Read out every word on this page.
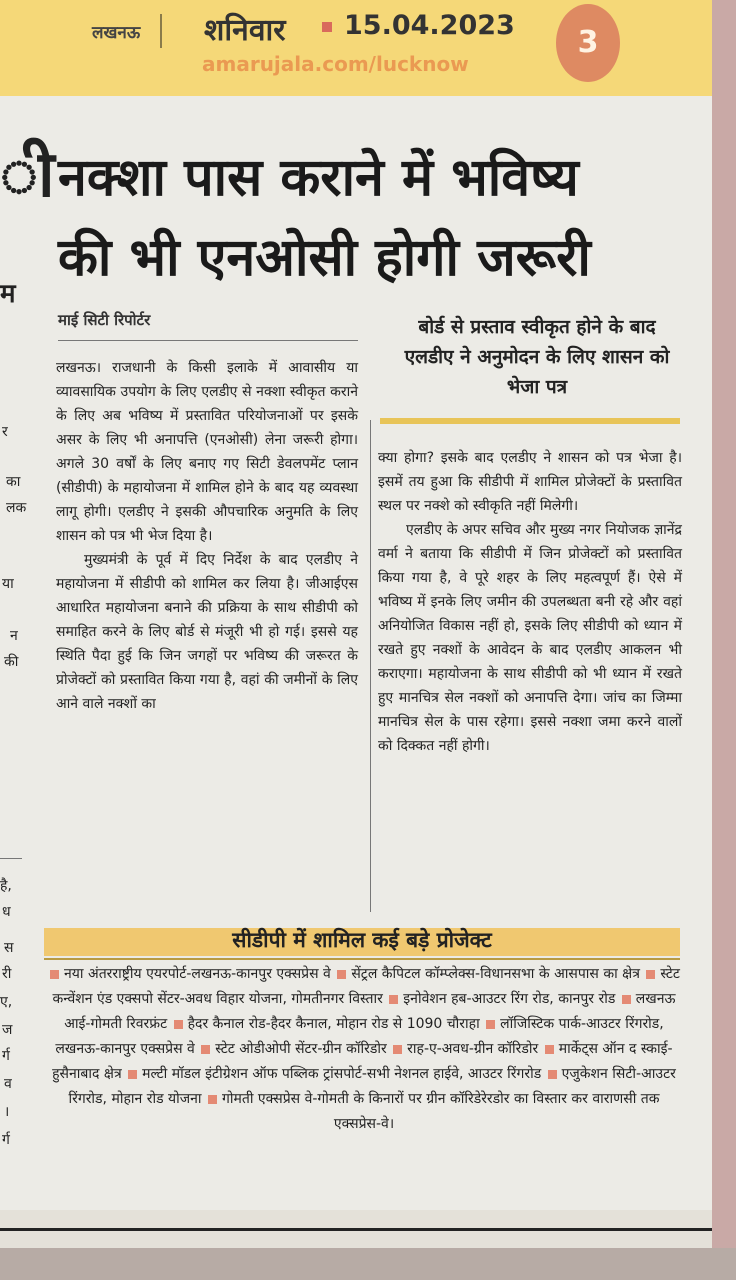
लखनऊ शनिवार 15.04.2023
amarujala.com/lucknow
3
ी
म
र
का
लक
या
न
की
है,
ध
स
री
ए,
ज
र्ग
व
।
र्ग
नक्शा पास कराने में भविष्य
की भी एनओसी होगी जरूरी
माई सिटी रिपोर्टर	बोर्ड से प्रस्ताव स्वीकृत होने के बाद एलडीए ने अनुमोदन के लिए शासन को भेजा पत्र

लखनऊ। राजधानी के किसी इलाके में आवासीय या व्यावसायिक उपयोग के लिए एलडीए से नक्शा स्वीकृत कराने के लिए अब भविष्य में प्रस्तावित परियोजनाओं पर इसके असर के लिए भी अनापत्ति (एनओसी) लेना जरूरी होगा। अगले 30 वर्षों के लिए बनाए गए सिटी डेवलपमेंट प्लान (सीडीपी) के महायोजना में शामिल होने के बाद यह व्यवस्था लागू होगी। एलडीए ने इसकी औपचारिक अनुमति के लिए शासन को पत्र भी भेज दिया है।

मुख्यमंत्री के पूर्व में दिए निर्देश के बाद एलडीए ने महायोजना में सीडीपी को शामिल कर लिया है। जीआईएस आधारित महायोजना बनाने की प्रक्रिया के साथ सीडीपी को समाहित करने के लिए बोर्ड से मंजूरी भी हो गई। इससे यह स्थिति पैदा हुई कि जिन जगहों पर भविष्य की जरूरत के प्रोजेक्टों को प्रस्तावित किया गया है, वहां की जमीनों के लिए आने वाले नक्शों का

क्या होगा? इसके बाद एलडीए ने शासन को पत्र भेजा है। इसमें तय हुआ कि सीडीपी में शामिल प्रोजेक्टों के प्रस्तावित स्थल पर नक्शे को स्वीकृति नहीं मिलेगी।

एलडीए के अपर सचिव और मुख्य नगर नियोजक ज्ञानेंद्र वर्मा ने बताया कि सीडीपी में जिन प्रोजेक्टों को प्रस्तावित किया गया है, वे पूरे शहर के लिए महत्वपूर्ण हैं। ऐसे में भविष्य में इनके लिए जमीन की उपलब्धता बनी रहे और वहां अनियोजित विकास नहीं हो, इसके लिए सीडीपी को ध्यान में रखते हुए नक्शों के आवेदन के बाद एलडीए आकलन भी कराएगा। महायोजना के साथ सीडीपी को भी ध्यान में रखते हुए मानचित्र सेल नक्शों को अनापत्ति देगा। जांच का जिम्मा मानचित्र सेल के पास रहेगा। इससे नक्शा जमा करने वालों को दिक्कत नहीं होगी।

सीडीपी में शामिल कई बड़े प्रोजेक्ट
नया अंतरराष्ट्रीय एयरपोर्ट-लखनऊ-कानपुर एक्सप्रेस वे सेंट्रल कैपिटल कॉम्प्लेक्स-विधानसभा के आसपास का क्षेत्र स्टेट कन्वेंशन एंड एक्सपो सेंटर-अवध विहार योजना, गोमतीनगर विस्तार इनोवेशन हब-आउटर रिंग रोड, कानपुर रोड लखनऊ आई-गोमती रिवरफ्रंट हैदर कैनाल रोड-हैदर कैनाल, मोहान रोड से 1090 चौराहा लॉजिस्टिक पार्क-आउटर रिंगरोड, लखनऊ-कानपुर एक्सप्रेस वे स्टेट ओडीओपी सेंटर-ग्रीन कॉरिडोर राह-ए-अवध-ग्रीन कॉरिडोर मार्केट्स ऑन द स्काई-हुसैनाबाद क्षेत्र मल्टी मॉडल इंटीग्रेशन ऑफ पब्लिक ट्रांसपोर्ट-सभी नेशनल हाईवे, आउटर रिंगरोड एजुकेशन सिटी-आउटर रिंगरोड, मोहान रोड योजना गोमती एक्सप्रेस वे-गोमती के किनारों पर ग्रीन कॉरिडेरेरडोर का विस्तार कर वाराणसी तक एक्सप्रेस-वे।
